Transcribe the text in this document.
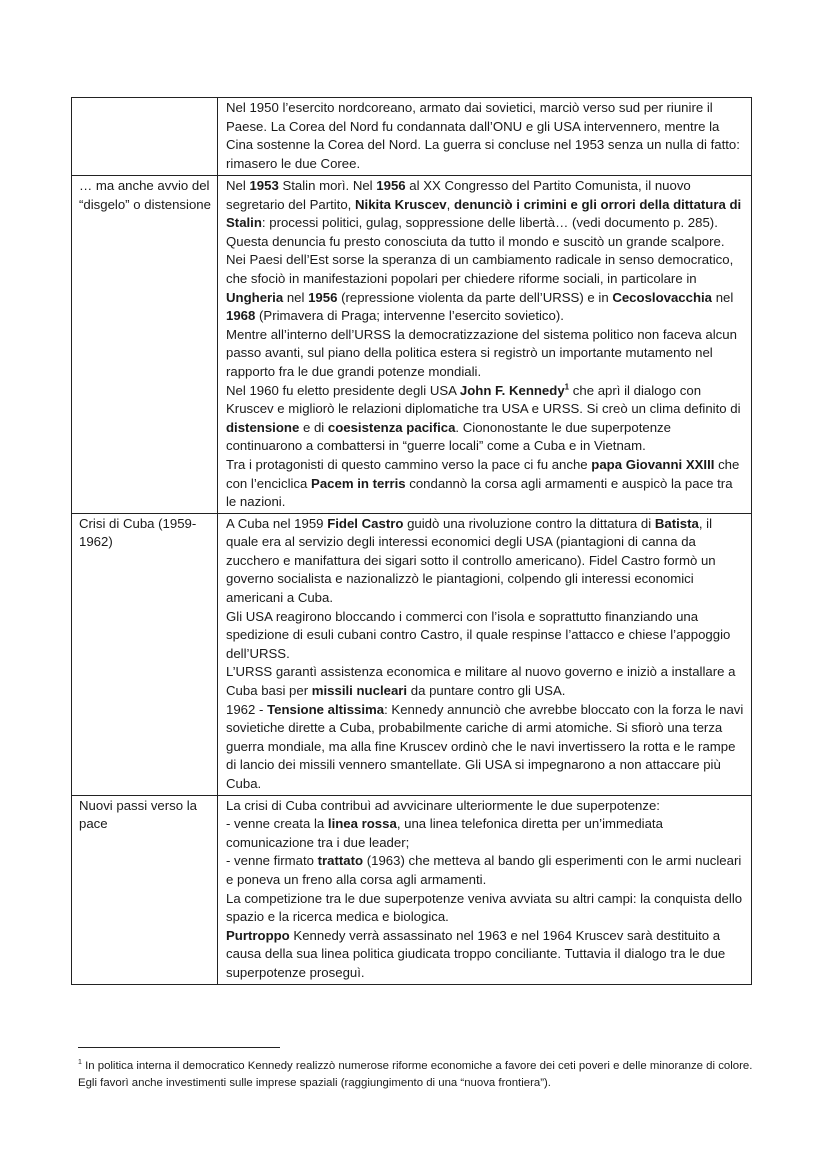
	Nel 1950 l’esercito nordcoreano, armato dai sovietici, marciò verso sud per riunire il Paese. La Corea del Nord fu condannata dall’ONU e gli USA intervennero, mentre la Cina sostenne la Corea del Nord. La guerra si concluse nel 1953 senza un nulla di fatto: rimasero le due Coree.

… ma anche avvio del “disgelo” o distensione	Nel 1953 Stalin morì. Nel 1956 al XX Congresso del Partito Comunista, il nuovo segretario del Partito, Nikita Kruscev, denunciò i crimini e gli orrori della dittatura di Stalin: processi politici, gulag, soppressione delle libertà… (vedi documento p. 285). Questa denuncia fu presto conosciuta da tutto il mondo e suscitò un grande scalpore.

Nei Paesi dell’Est sorse la speranza di un cambiamento radicale in senso democratico, che sfociò in manifestazioni popolari per chiedere riforme sociali, in particolare in Ungheria nel 1956 (repressione violenta da parte dell’URSS) e in Cecoslovacchia nel 1968 (Primavera di Praga; intervenne l’esercito sovietico).

Mentre all’interno dell’URSS la democratizzazione del sistema politico non faceva alcun passo avanti, sul piano della politica estera si registrò un importante mutamento nel rapporto fra le due grandi potenze mondiali.

Nel 1960 fu eletto presidente degli USA John F. Kennedy$^1$ che aprì il dialogo con Kruscev e migliorò le relazioni diplomatiche tra USA e URSS. Si creò un clima definito di distensione e di coesistenza pacifica. Ciononostante le due superpotenze continuarono a combattersi in “guerre locali” come a Cuba e in Vietnam.

Tra i protagonisti di questo cammino verso la pace ci fu anche papa Giovanni XXIII che con l’enciclica Pacem in terris condannò la corsa agli armamenti e auspicò la pace tra le nazioni.

Crisi di Cuba (1959-1962)	A Cuba nel 1959 Fidel Castro guidò una rivoluzione contro la dittatura di Batista, il quale era al servizio degli interessi economici degli USA (piantagioni di canna da zucchero e manifattura dei sigari sotto il controllo americano). Fidel Castro formò un governo socialista e nazionalizzò le piantagioni, colpendo gli interessi economici americani a Cuba.

Gli USA reagirono bloccando i commerci con l’isola e soprattutto finanziando una spedizione di esuli cubani contro Castro, il quale respinse l’attacco e chiese l’appoggio dell’URSS.

L’URSS garantì assistenza economica e militare al nuovo governo e iniziò a installare a Cuba basi per missili nucleari da puntare contro gli USA.

1962 - Tensione altissima: Kennedy annunciò che avrebbe bloccato con la forza le navi sovietiche dirette a Cuba, probabilmente cariche di armi atomiche. Si sfiorò una terza guerra mondiale, ma alla fine Kruscev ordinò che le navi invertissero la rotta e le rampe di lancio dei missili vennero smantellate. Gli USA si impegnarono a non attaccare più Cuba.

Nuovi passi verso la pace	La crisi di Cuba contribuì ad avvicinare ulteriormente le due superpotenze:

- venne creata la linea rossa, una linea telefonica diretta per un’immediata comunicazione tra i due leader;

- venne firmato trattato (1963) che metteva al bando gli esperimenti con le armi nucleari e poneva un freno alla corsa agli armamenti.

La competizione tra le due superpotenze veniva avviata su altri campi: la conquista dello spazio e la ricerca medica e biologica.

Purtroppo Kennedy verrà assassinato nel 1963 e nel 1964 Kruscev sarà destituito a causa della sua linea politica giudicata troppo conciliante. Tuttavia il dialogo tra le due superpotenze proseguì.

$^1$ In politica interna il democratico Kennedy realizzò numerose riforme economiche a favore dei ceti poveri e delle minoranze di colore. Egli favorì anche investimenti sulle imprese spaziali (raggiungimento di una “nuova frontiera”).
